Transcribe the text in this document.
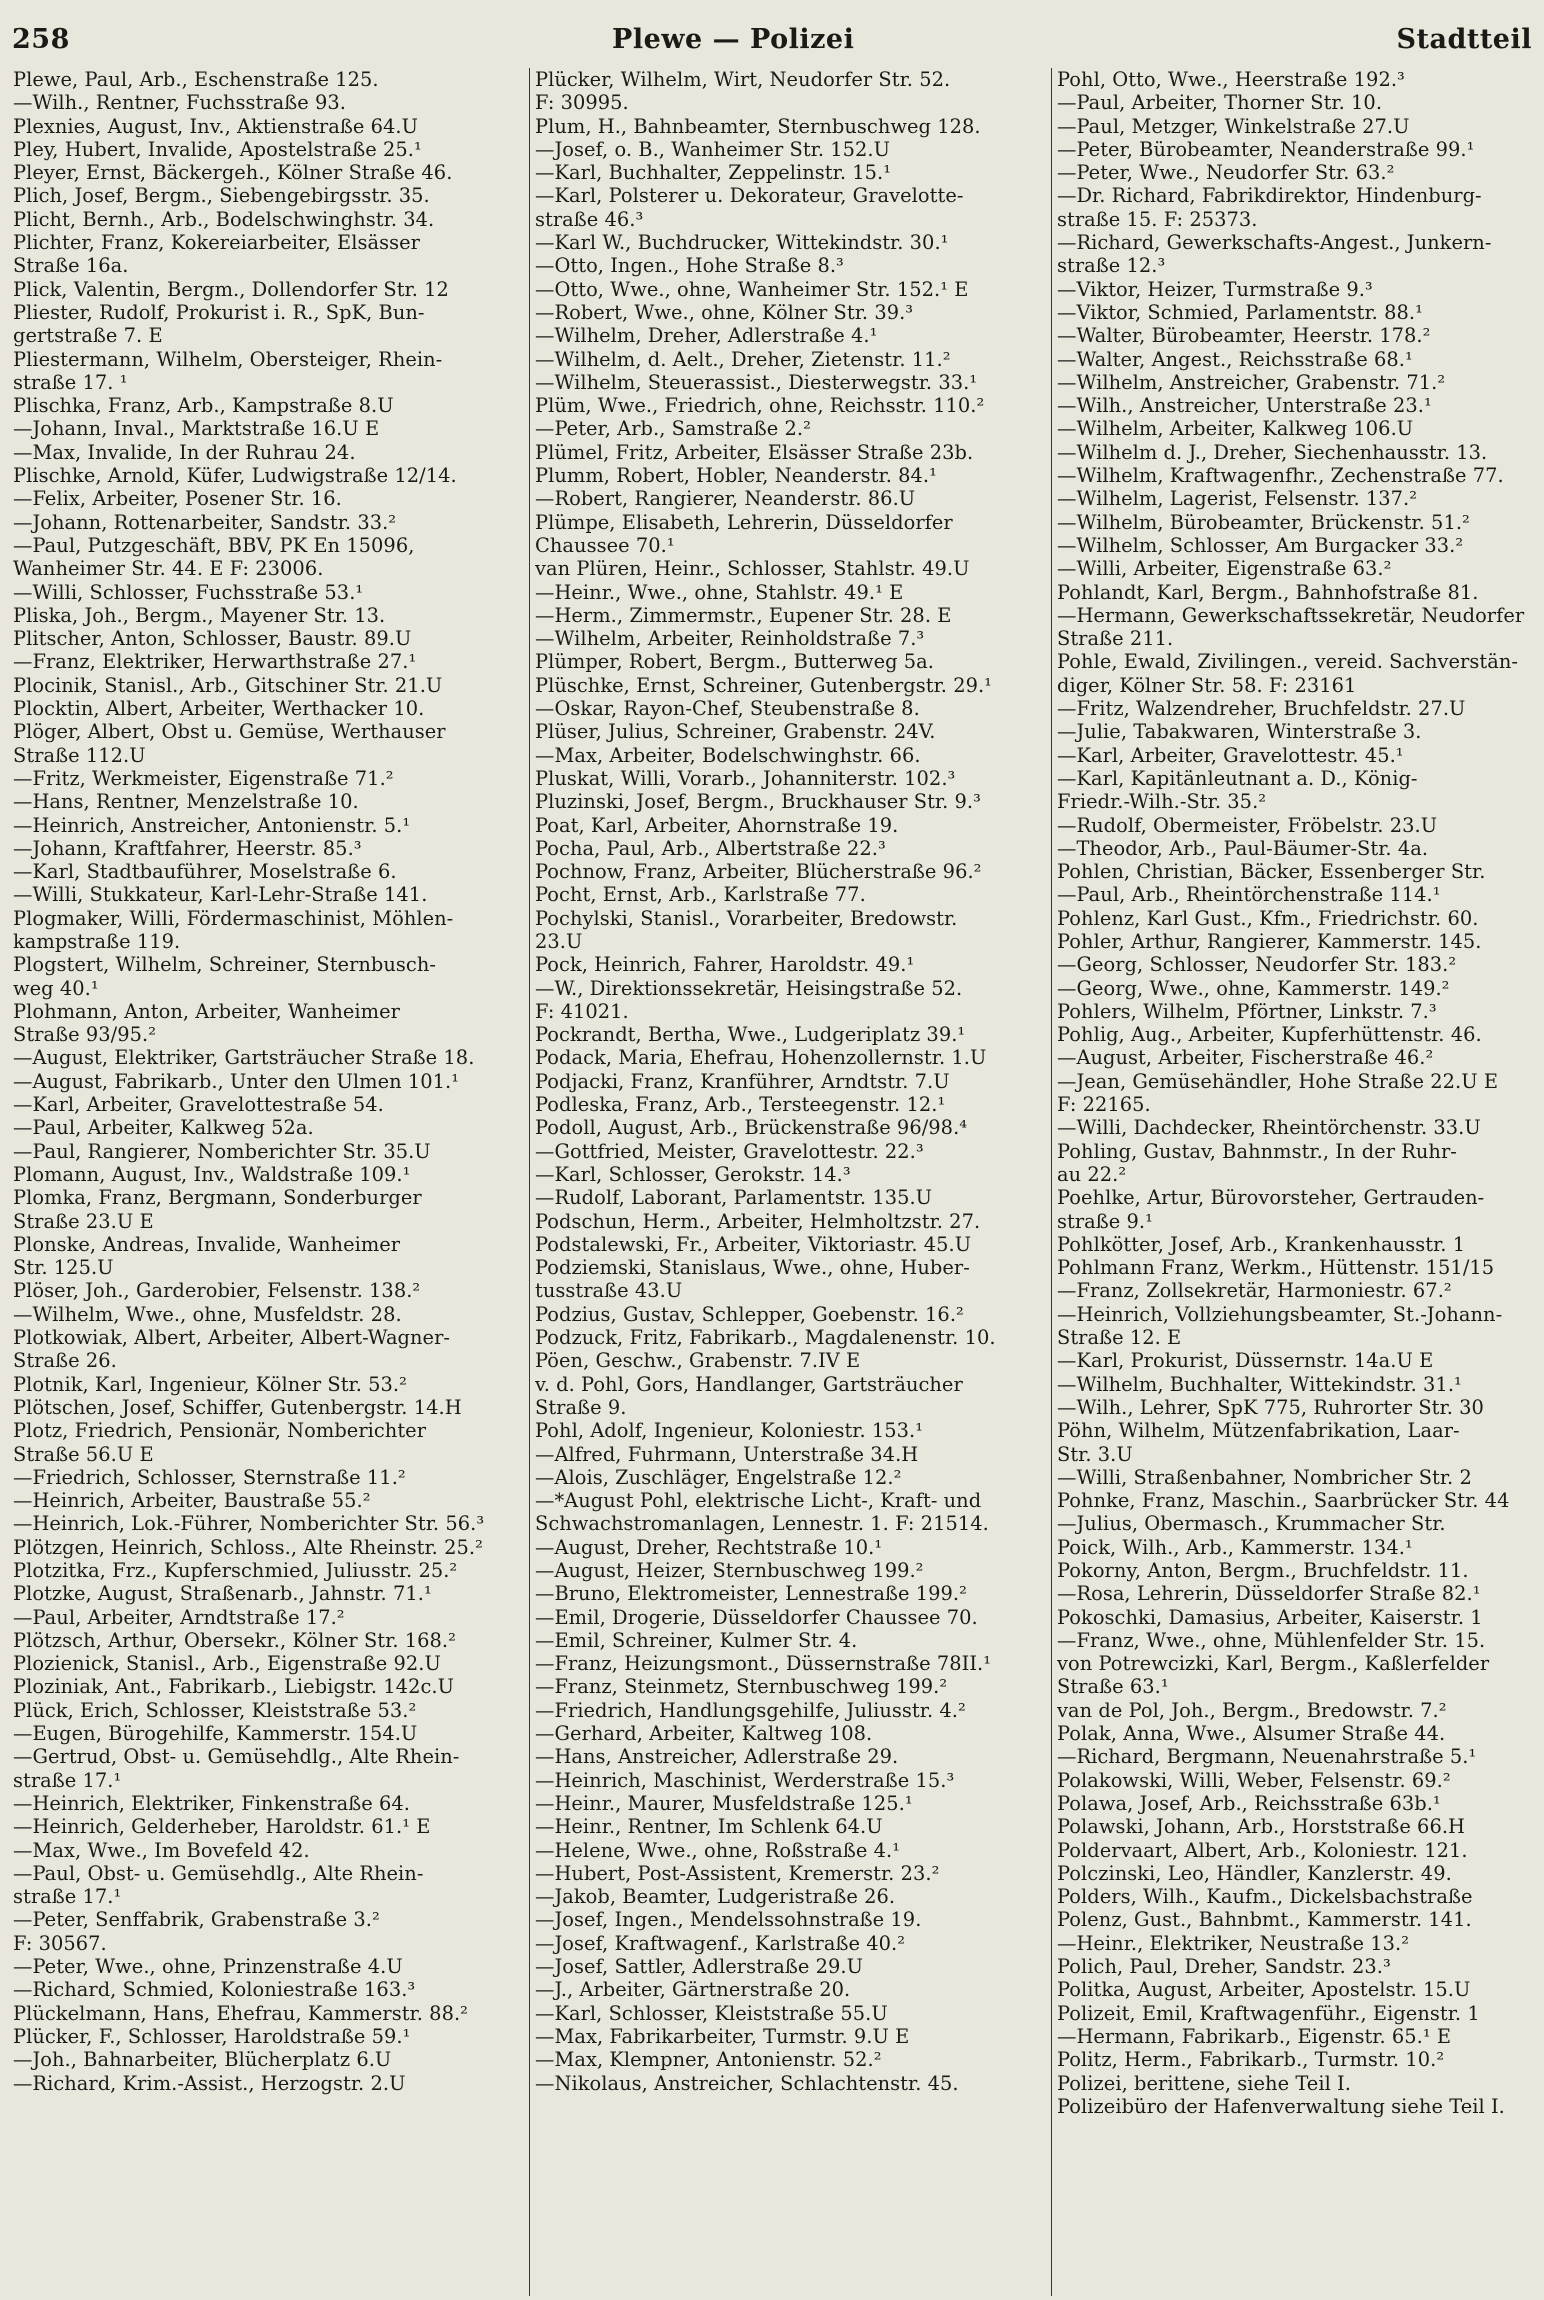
258	Plewe — Polizei	Stadtteil
Plewe, Paul, Arb., Eschenstraße 125.
—Wilh., Rentner, Fuchsstraße 93.
Plexnies, August, Inv., Aktienstraße 64.U
Pley, Hubert, Invalide, Apostelstraße 25.¹
Pleyer, Ernst, Bäckergeh., Kölner Straße 46.
Plich, Josef, Bergm., Siebengebirgsstr. 35.
Plicht, Bernh., Arb., Bodelschwinghstr. 34.
Plichter, Franz, Kokereiarbeiter, Elsässer
Straße 16a.
Plick, Valentin, Bergm., Dollendorfer Str. 12
Pliester, Rudolf, Prokurist i. R., SpK, Bun-
gertstraße 7. E
Pliestermann, Wilhelm, Obersteiger, Rhein-
straße 17. ¹
Plischka, Franz, Arb., Kampstraße 8.U
—Johann, Inval., Marktstraße 16.U E
—Max, Invalide, In der Ruhrau 24.
Plischke, Arnold, Küfer, Ludwigstraße 12/14.
—Felix, Arbeiter, Posener Str. 16.
—Johann, Rottenarbeiter, Sandstr. 33.²
—Paul, Putzgeschäft, BBV, PK En 15096,
Wanheimer Str. 44. E F: 23006.
—Willi, Schlosser, Fuchsstraße 53.¹
Pliska, Joh., Bergm., Mayener Str. 13.
Plitscher, Anton, Schlosser, Baustr. 89.U
—Franz, Elektriker, Herwarthstraße 27.¹
Plocinik, Stanisl., Arb., Gitschiner Str. 21.U
Plocktin, Albert, Arbeiter, Werthacker 10.
Plöger, Albert, Obst u. Gemüse, Werthauser
Straße 112.U
—Fritz, Werkmeister, Eigenstraße 71.²
—Hans, Rentner, Menzelstraße 10.
—Heinrich, Anstreicher, Antonienstr. 5.¹
—Johann, Kraftfahrer, Heerstr. 85.³
—Karl, Stadtbauführer, Moselstraße 6.
—Willi, Stukkateur, Karl-Lehr-Straße 141.
Plogmaker, Willi, Fördermaschinist, Möhlen-
kampstraße 119.
Plogstert, Wilhelm, Schreiner, Sternbusch-
weg 40.¹
Plohmann, Anton, Arbeiter, Wanheimer
Straße 93/95.²
—August, Elektriker, Gartsträucher Straße 18.
—August, Fabrikarb., Unter den Ulmen 101.¹
—Karl, Arbeiter, Gravelottestraße 54.
—Paul, Arbeiter, Kalkweg 52a.
—Paul, Rangierer, Nomberichter Str. 35.U
Plomann, August, Inv., Waldstraße 109.¹
Plomka, Franz, Bergmann, Sonderburger
Straße 23.U E
Plonske, Andreas, Invalide, Wanheimer
Str. 125.U
Plöser, Joh., Garderobier, Felsenstr. 138.²
—Wilhelm, Wwe., ohne, Musfeldstr. 28.
Plotkowiak, Albert, Arbeiter, Albert-Wagner-
Straße 26.
Plotnik, Karl, Ingenieur, Kölner Str. 53.²
Plötschen, Josef, Schiffer, Gutenbergstr. 14.H
Plotz, Friedrich, Pensionär, Nomberichter
Straße 56.U E
—Friedrich, Schlosser, Sternstraße 11.²
—Heinrich, Arbeiter, Baustraße 55.²
—Heinrich, Lok.-Führer, Nomberichter Str. 56.³
Plötzgen, Heinrich, Schloss., Alte Rheinstr. 25.²
Plotzitka, Frz., Kupferschmied, Juliusstr. 25.²
Plotzke, August, Straßenarb., Jahnstr. 71.¹
—Paul, Arbeiter, Arndtstraße 17.²
Plötzsch, Arthur, Obersekr., Kölner Str. 168.²
Plozienick, Stanisl., Arb., Eigenstraße 92.U
Ploziniak, Ant., Fabrikarb., Liebigstr. 142c.U
Plück, Erich, Schlosser, Kleiststraße 53.²
—Eugen, Bürogehilfe, Kammerstr. 154.U
—Gertrud, Obst- u. Gemüsehdlg., Alte Rhein-
straße 17.¹
—Heinrich, Elektriker, Finkenstraße 64.
—Heinrich, Gelderheber, Haroldstr. 61.¹ E
—Max, Wwe., Im Bovefeld 42.
—Paul, Obst- u. Gemüsehdlg., Alte Rhein-
straße 17.¹
—Peter, Senffabrik, Grabenstraße 3.²
F: 30567.
—Peter, Wwe., ohne, Prinzenstraße 4.U
—Richard, Schmied, Koloniestraße 163.³
Plückelmann, Hans, Ehefrau, Kammerstr. 88.²
Plücker, F., Schlosser, Haroldstraße 59.¹
—Joh., Bahnarbeiter, Blücherplatz 6.U
—Richard, Krim.-Assist., Herzogstr. 2.U
Plücker, Wilhelm, Wirt, Neudorfer Str. 52.
F: 30995.
Plum, H., Bahnbeamter, Sternbuschweg 128.
—Josef, o. B., Wanheimer Str. 152.U
—Karl, Buchhalter, Zeppelinstr. 15.¹
—Karl, Polsterer u. Dekorateur, Gravelotte-
straße 46.³
—Karl W., Buchdrucker, Wittekindstr. 30.¹
—Otto, Ingen., Hohe Straße 8.³
—Otto, Wwe., ohne, Wanheimer Str. 152.¹ E
—Robert, Wwe., ohne, Kölner Str. 39.³
—Wilhelm, Dreher, Adlerstraße 4.¹
—Wilhelm, d. Aelt., Dreher, Zietenstr. 11.²
—Wilhelm, Steuerassist., Diesterwegstr. 33.¹
Plüm, Wwe., Friedrich, ohne, Reichsstr. 110.²
—Peter, Arb., Samstraße 2.²
Plümel, Fritz, Arbeiter, Elsässer Straße 23b.
Plumm, Robert, Hobler, Neanderstr. 84.¹
—Robert, Rangierer, Neanderstr. 86.U
Plümpe, Elisabeth, Lehrerin, Düsseldorfer
Chaussee 70.¹
van Plüren, Heinr., Schlosser, Stahlstr. 49.U
—Heinr., Wwe., ohne, Stahlstr. 49.¹ E
—Herm., Zimmermstr., Eupener Str. 28. E
—Wilhelm, Arbeiter, Reinholdstraße 7.³
Plümper, Robert, Bergm., Butterweg 5a.
Plüschke, Ernst, Schreiner, Gutenbergstr. 29.¹
—Oskar, Rayon-Chef, Steubenstraße 8.
Plüser, Julius, Schreiner, Grabenstr. 24V.
—Max, Arbeiter, Bodelschwinghstr. 66.
Pluskat, Willi, Vorarb., Johanniterstr. 102.³
Pluzinski, Josef, Bergm., Bruckhauser Str. 9.³
Poat, Karl, Arbeiter, Ahornstraße 19.
Pocha, Paul, Arb., Albertstraße 22.³
Pochnow, Franz, Arbeiter, Blücherstraße 96.²
Pocht, Ernst, Arb., Karlstraße 77.
Pochylski, Stanisl., Vorarbeiter, Bredowstr.
23.U
Pock, Heinrich, Fahrer, Haroldstr. 49.¹
—W., Direktionssekretär, Heisingstraße 52.
F: 41021.
Pockrandt, Bertha, Wwe., Ludgeriplatz 39.¹
Podack, Maria, Ehefrau, Hohenzollernstr. 1.U
Podjacki, Franz, Kranführer, Arndtstr. 7.U
Podleska, Franz, Arb., Tersteegenstr. 12.¹
Podoll, August, Arb., Brückenstraße 96/98.⁴
—Gottfried, Meister, Gravelottestr. 22.³
—Karl, Schlosser, Gerokstr. 14.³
—Rudolf, Laborant, Parlamentstr. 135.U
Podschun, Herm., Arbeiter, Helmholtzstr. 27.
Podstalewski, Fr., Arbeiter, Viktoriastr. 45.U
Podziemski, Stanislaus, Wwe., ohne, Huber-
tusstraße 43.U
Podzius, Gustav, Schlepper, Goebenstr. 16.²
Podzuck, Fritz, Fabrikarb., Magdalenenstr. 10.
Pöen, Geschw., Grabenstr. 7.IV E
v. d. Pohl, Gors, Handlanger, Gartsträucher
Straße 9.
Pohl, Adolf, Ingenieur, Koloniestr. 153.¹
—Alfred, Fuhrmann, Unterstraße 34.H
—Alois, Zuschläger, Engelstraße 12.²
—*August Pohl, elektrische Licht-, Kraft- und
Schwachstromanlagen, Lennestr. 1. F: 21514.
—August, Dreher, Rechtstraße 10.¹
—August, Heizer, Sternbuschweg 199.²
—Bruno, Elektromeister, Lennestraße 199.²
—Emil, Drogerie, Düsseldorfer Chaussee 70.
—Emil, Schreiner, Kulmer Str. 4.
—Franz, Heizungsmont., Düssernstraße 78II.¹
—Franz, Steinmetz, Sternbuschweg 199.²
—Friedrich, Handlungsgehilfe, Juliusstr. 4.²
—Gerhard, Arbeiter, Kaltweg 108.
—Hans, Anstreicher, Adlerstraße 29.
—Heinrich, Maschinist, Werderstraße 15.³
—Heinr., Maurer, Musfeldstraße 125.¹
—Heinr., Rentner, Im Schlenk 64.U
—Helene, Wwe., ohne, Roßstraße 4.¹
—Hubert, Post-Assistent, Kremerstr. 23.²
—Jakob, Beamter, Ludgeristraße 26.
—Josef, Ingen., Mendelssohnstraße 19.
—Josef, Kraftwagenf., Karlstraße 40.²
—Josef, Sattler, Adlerstraße 29.U
—J., Arbeiter, Gärtnerstraße 20.
—Karl, Schlosser, Kleiststraße 55.U
—Max, Fabrikarbeiter, Turmstr. 9.U E
—Max, Klempner, Antonienstr. 52.²
—Nikolaus, Anstreicher, Schlachtenstr. 45.
Pohl, Otto, Wwe., Heerstraße 192.³
—Paul, Arbeiter, Thorner Str. 10.
—Paul, Metzger, Winkelstraße 27.U
—Peter, Bürobeamter, Neanderstraße 99.¹
—Peter, Wwe., Neudorfer Str. 63.²
—Dr. Richard, Fabrikdirektor, Hindenburg-
straße 15. F: 25373.
—Richard, Gewerkschafts-Angest., Junkern-
straße 12.³
—Viktor, Heizer, Turmstraße 9.³
—Viktor, Schmied, Parlamentstr. 88.¹
—Walter, Bürobeamter, Heerstr. 178.²
—Walter, Angest., Reichsstraße 68.¹
—Wilhelm, Anstreicher, Grabenstr. 71.²
—Wilh., Anstreicher, Unterstraße 23.¹
—Wilhelm, Arbeiter, Kalkweg 106.U
—Wilhelm d. J., Dreher, Siechenhausstr. 13.
—Wilhelm, Kraftwagenfhr., Zechenstraße 77.
—Wilhelm, Lagerist, Felsenstr. 137.²
—Wilhelm, Bürobeamter, Brückenstr. 51.²
—Wilhelm, Schlosser, Am Burgacker 33.²
—Willi, Arbeiter, Eigenstraße 63.²
Pohlandt, Karl, Bergm., Bahnhofstraße 81.
—Hermann, Gewerkschaftssekretär, Neudorfer
Straße 211.
Pohle, Ewald, Zivilingen., vereid. Sachverstän-
diger, Kölner Str. 58. F: 23161
—Fritz, Walzendreher, Bruchfeldstr. 27.U
—Julie, Tabakwaren, Winterstraße 3.
—Karl, Arbeiter, Gravelottestr. 45.¹
—Karl, Kapitänleutnant a. D., König-
Friedr.-Wilh.-Str. 35.²
—Rudolf, Obermeister, Fröbelstr. 23.U
—Theodor, Arb., Paul-Bäumer-Str. 4a.
Pohlen, Christian, Bäcker, Essenberger Str.
—Paul, Arb., Rheintörchenstraße 114.¹
Pohlenz, Karl Gust., Kfm., Friedrichstr. 60.
Pohler, Arthur, Rangierer, Kammerstr. 145.
—Georg, Schlosser, Neudorfer Str. 183.²
—Georg, Wwe., ohne, Kammerstr. 149.²
Pohlers, Wilhelm, Pförtner, Linkstr. 7.³
Pohlig, Aug., Arbeiter, Kupferhüttenstr. 46.
—August, Arbeiter, Fischerstraße 46.²
—Jean, Gemüsehändler, Hohe Straße 22.U E
F: 22165.
—Willi, Dachdecker, Rheintörchenstr. 33.U
Pohling, Gustav, Bahnmstr., In der Ruhr-
au 22.²
Poehlke, Artur, Bürovorsteher, Gertrauden-
straße 9.¹
Pohlkötter, Josef, Arb., Krankenhausstr. 1
Pohlmann Franz, Werkm., Hüttenstr. 151/15
—Franz, Zollsekretär, Harmoniestr. 67.²
—Heinrich, Vollziehungsbeamter, St.-Johann-
Straße 12. E
—Karl, Prokurist, Düssernstr. 14a.U E
—Wilhelm, Buchhalter, Wittekindstr. 31.¹
—Wilh., Lehrer, SpK 775, Ruhrorter Str. 30
Pöhn, Wilhelm, Mützenfabrikation, Laar-
Str. 3.U
—Willi, Straßenbahner, Nombricher Str. 2
Pohnke, Franz, Maschin., Saarbrücker Str. 44
—Julius, Obermasch., Krummacher Str.
Poick, Wilh., Arb., Kammerstr. 134.¹
Pokorny, Anton, Bergm., Bruchfeldstr. 11.
—Rosa, Lehrerin, Düsseldorfer Straße 82.¹
Pokoschki, Damasius, Arbeiter, Kaiserstr. 1
—Franz, Wwe., ohne, Mühlenfelder Str. 15.
von Potrewcizki, Karl, Bergm., Kaßlerfelder
Straße 63.¹
van de Pol, Joh., Bergm., Bredowstr. 7.²
Polak, Anna, Wwe., Alsumer Straße 44.
—Richard, Bergmann, Neuenahrstraße 5.¹
Polakowski, Willi, Weber, Felsenstr. 69.²
Polawa, Josef, Arb., Reichsstraße 63b.¹
Polawski, Johann, Arb., Horststraße 66.H
Poldervaart, Albert, Arb., Koloniestr. 121.
Polczinski, Leo, Händler, Kanzlerstr. 49.
Polders, Wilh., Kaufm., Dickelsbachstraße
Polenz, Gust., Bahnbmt., Kammerstr. 141.
—Heinr., Elektriker, Neustraße 13.²
Polich, Paul, Dreher, Sandstr. 23.³
Politka, August, Arbeiter, Apostelstr. 15.U
Polizeit, Emil, Kraftwagenführ., Eigenstr. 1
—Hermann, Fabrikarb., Eigenstr. 65.¹ E
Politz, Herm., Fabrikarb., Turmstr. 10.²
Polizei, berittene, siehe Teil I.
Polizeibüro der Hafenverwaltung siehe Teil I.
